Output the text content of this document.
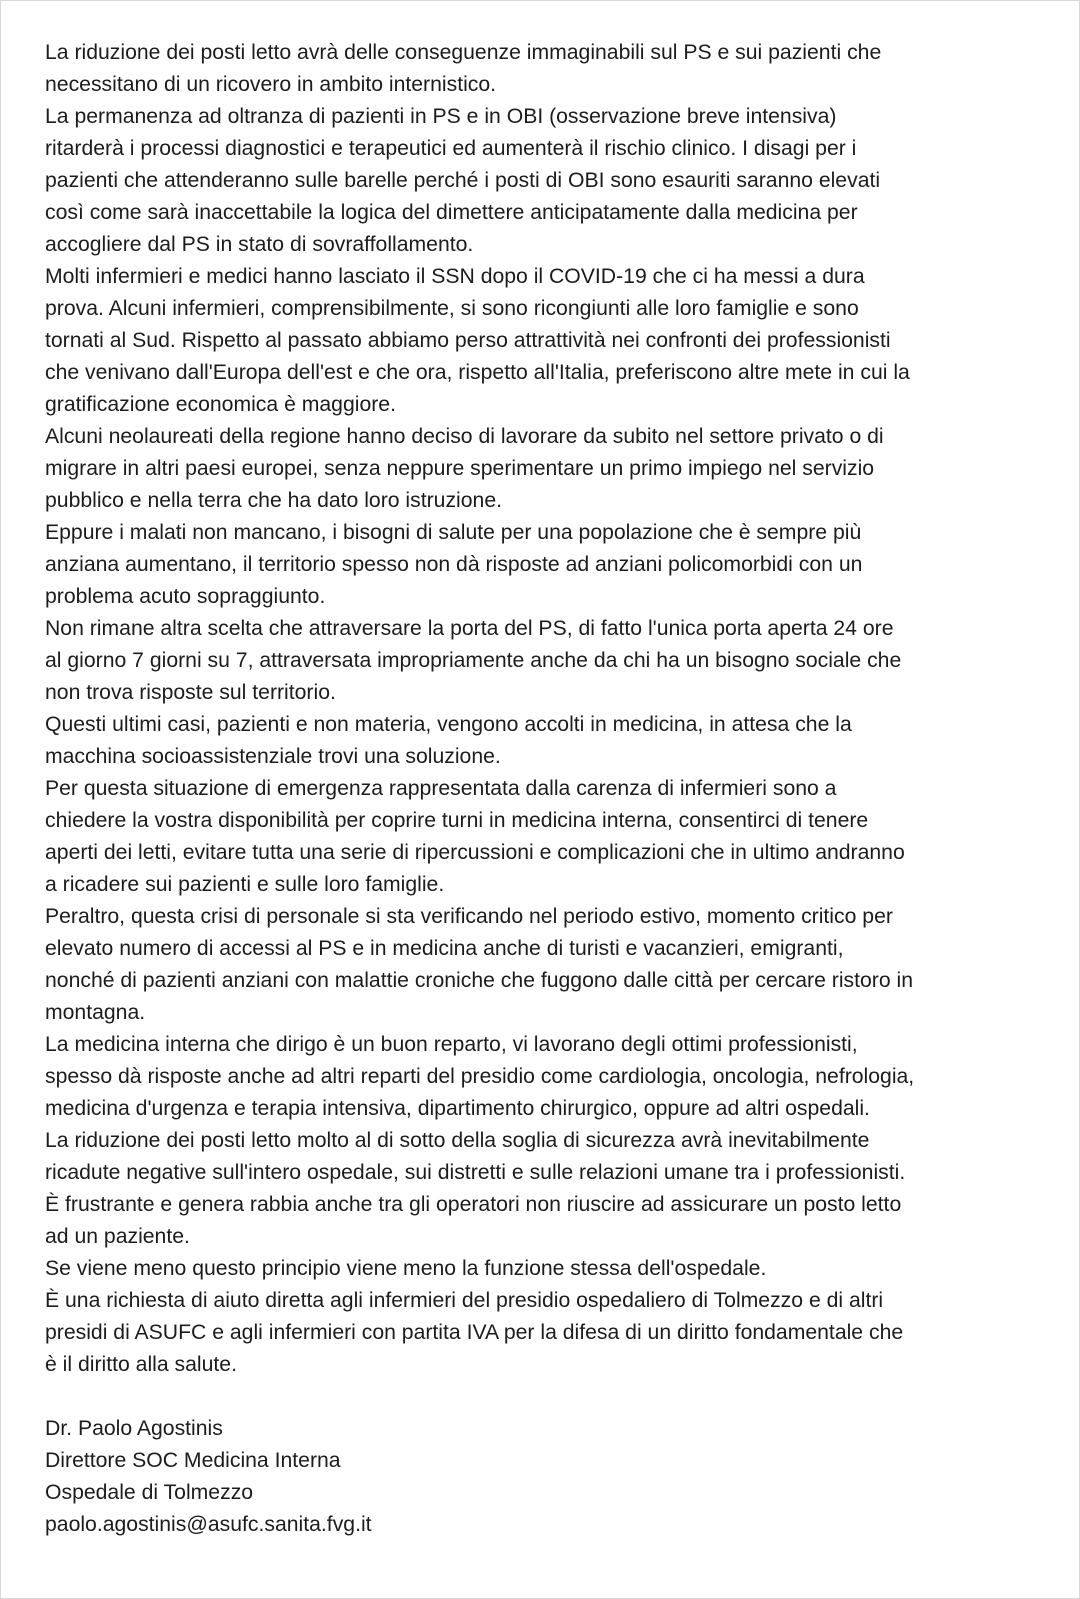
La riduzione dei posti letto avrà delle conseguenze immaginabili sul PS e sui pazienti che
necessitano di un ricovero in ambito internistico.
La permanenza ad oltranza di pazienti in PS e in OBI (osservazione breve intensiva)
ritarderà i processi diagnostici e terapeutici ed aumenterà il rischio clinico. I disagi per i
pazienti che attenderanno sulle barelle perché i posti di OBI sono esauriti saranno elevati
così come sarà inaccettabile la logica del dimettere anticipatamente dalla medicina per
accogliere dal PS in stato di sovraffollamento.
Molti infermieri e medici hanno lasciato il SSN dopo il COVID-19 che ci ha messi a dura
prova. Alcuni infermieri, comprensibilmente, si sono ricongiunti alle loro famiglie e sono
tornati al Sud. Rispetto al passato abbiamo perso attrattività nei confronti dei professionisti
che venivano dall'Europa dell'est e che ora, rispetto all'Italia, preferiscono altre mete in cui la
gratificazione economica è maggiore.
Alcuni neolaureati della regione hanno deciso di lavorare da subito nel settore privato o di
migrare in altri paesi europei, senza neppure sperimentare un primo impiego nel servizio
pubblico e nella terra che ha dato loro istruzione.
Eppure i malati non mancano, i bisogni di salute per una popolazione che è sempre più
anziana aumentano, il territorio spesso non dà risposte ad anziani policomorbidi con un
problema acuto sopraggiunto.
Non rimane altra scelta che attraversare la porta del PS, di fatto l'unica porta aperta 24 ore
al giorno 7 giorni su 7, attraversata impropriamente anche da chi ha un bisogno sociale che
non trova risposte sul territorio.
Questi ultimi casi, pazienti e non materia, vengono accolti in medicina, in attesa che la
macchina socioassistenziale trovi una soluzione.
Per questa situazione di emergenza rappresentata dalla carenza di infermieri sono a
chiedere la vostra disponibilità per coprire turni in medicina interna, consentirci di tenere
aperti dei letti, evitare tutta una serie di ripercussioni e complicazioni che in ultimo andranno
a ricadere sui pazienti e sulle loro famiglie.
Peraltro, questa crisi di personale si sta verificando nel periodo estivo, momento critico per
elevato numero di accessi al PS e in medicina anche di turisti e vacanzieri, emigranti,
nonché di pazienti anziani con malattie croniche che fuggono dalle città per cercare ristoro in
montagna.
La medicina interna che dirigo è un buon reparto, vi lavorano degli ottimi professionisti,
spesso dà risposte anche ad altri reparti del presidio come cardiologia, oncologia, nefrologia,
medicina d'urgenza e terapia intensiva, dipartimento chirurgico, oppure ad altri ospedali.
La riduzione dei posti letto molto al di sotto della soglia di sicurezza avrà inevitabilmente
ricadute negative sull'intero ospedale, sui distretti e sulle relazioni umane tra i professionisti.
È frustrante e genera rabbia anche tra gli operatori non riuscire ad assicurare un posto letto
ad un paziente.
Se viene meno questo principio viene meno la funzione stessa dell'ospedale.
È una richiesta di aiuto diretta agli infermieri del presidio ospedaliero di Tolmezzo e di altri
presidi di ASUFC e agli infermieri con partita IVA per la difesa di un diritto fondamentale che
è il diritto alla salute.
Dr. Paolo Agostinis
Direttore SOC Medicina Interna
Ospedale di Tolmezzo
paolo.agostinis@asufc.sanita.fvg.it
